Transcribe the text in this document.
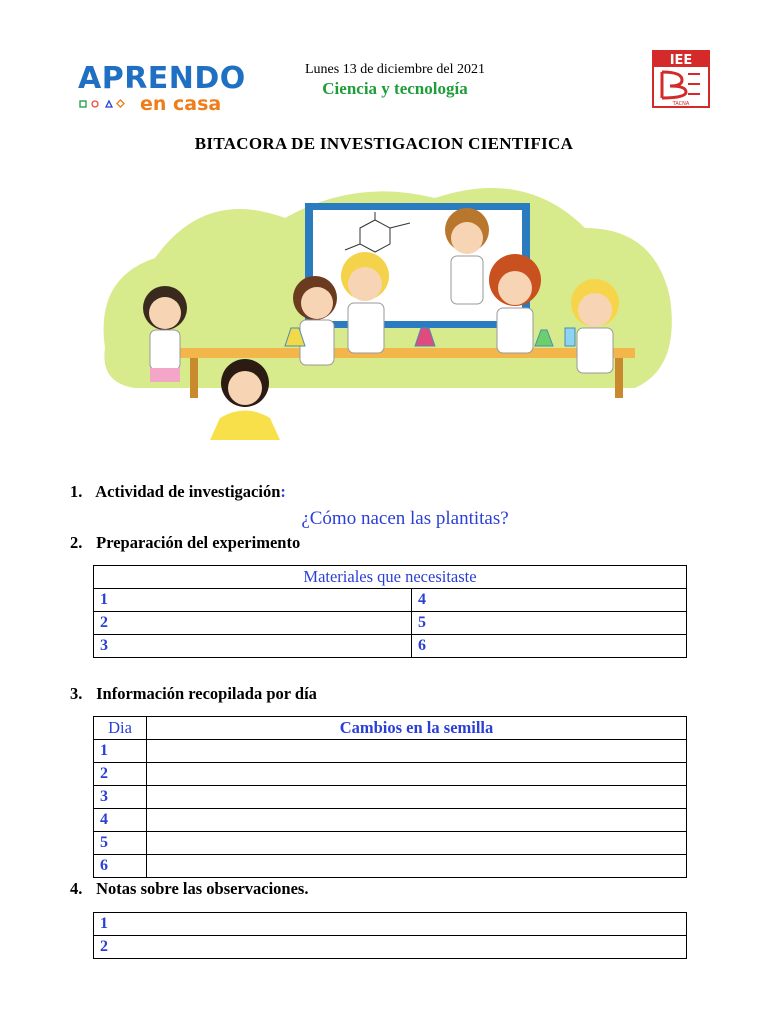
APRENDO
en casa
Lunes 13 de diciembre del 2021
Ciencia y tecnología
IEE
TACNA
BITACORA DE INVESTIGACION CIENTIFICA
1. Actividad de investigación:
¿Cómo nacen las plantitas?
2. Preparación del experimento
Materiales que necesitaste	
1	4
2	5
3	6
3. Información recopilada por día
Dia	Cambios en la semilla
1	
2	
3	
4	
5	
6	
4. Notas sobre las observaciones.
1
2
